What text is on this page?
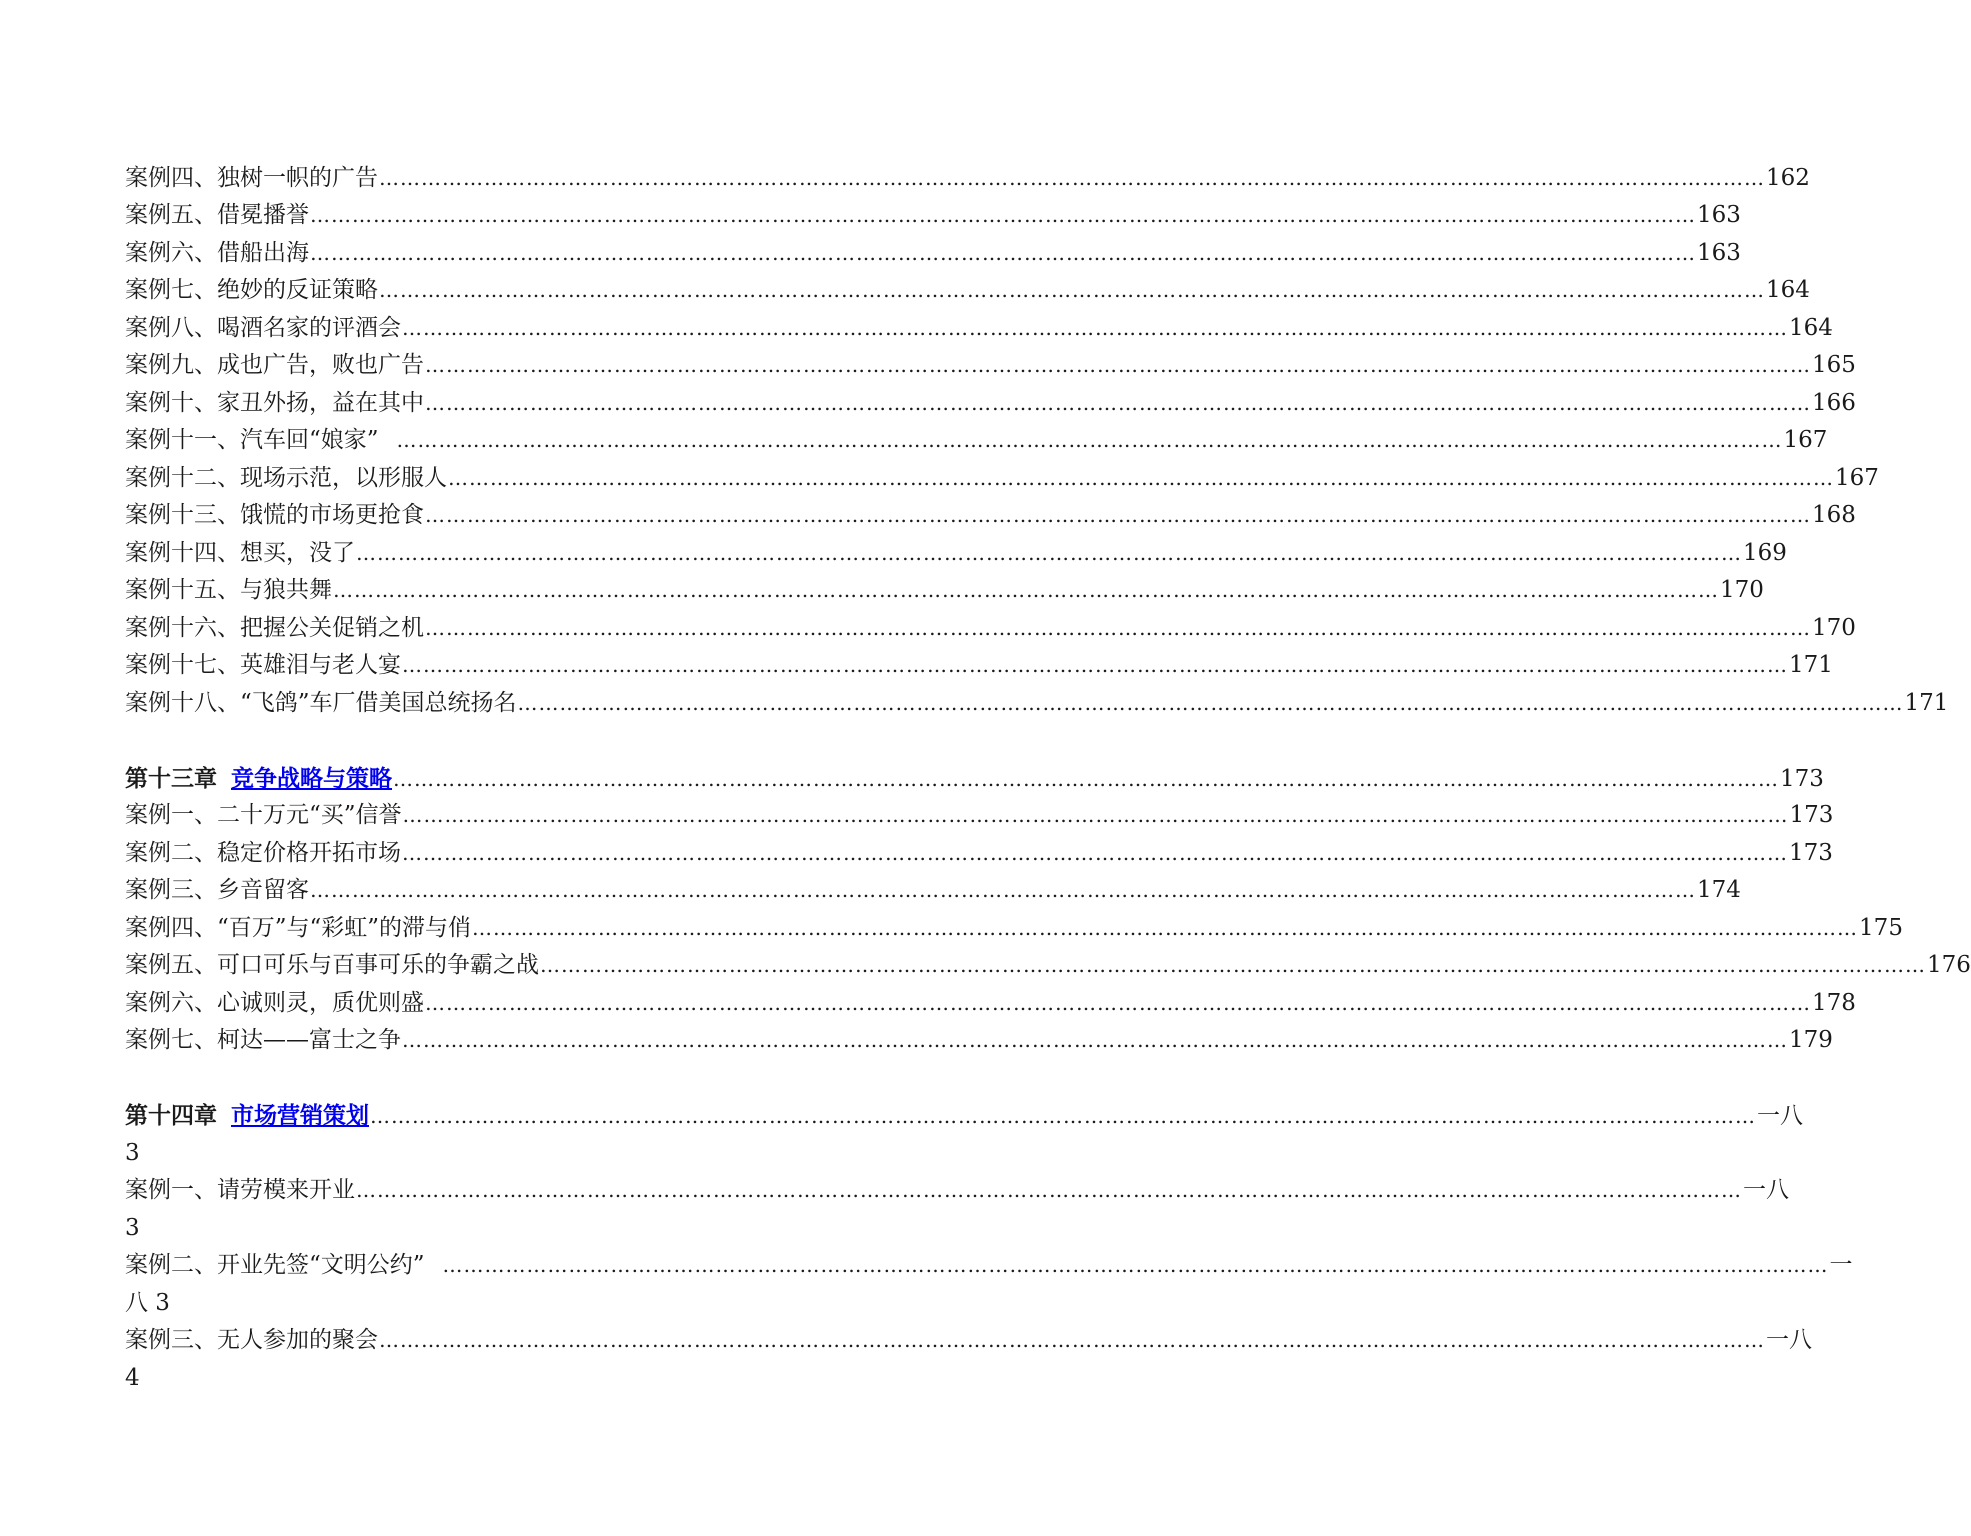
案例四、独树一帜的广告 ……………………………………………………………………………………………………………………………………………………………………………… 162
案例五、借冕播誉 ……………………………………………………………………………………………………………………………………………………………………………… 163
案例六、借船出海 ……………………………………………………………………………………………………………………………………………………………………………… 163
案例七、绝妙的反证策略 ……………………………………………………………………………………………………………………………………………………………………………… 164
案例八、喝酒名家的评酒会 ……………………………………………………………………………………………………………………………………………………………………………… 164
案例九、成也广告，败也广告 ……………………………………………………………………………………………………………………………………………………………………………… 165
案例十、家丑外扬，益在其中 ……………………………………………………………………………………………………………………………………………………………………………… 166
案例十一、汽车回“娘家” ……………………………………………………………………………………………………………………………………………………………………………… 167
案例十二、现场示范，以形服人 ……………………………………………………………………………………………………………………………………………………………………………… 167
案例十三、饿慌的市场更抢食 ……………………………………………………………………………………………………………………………………………………………………………… 168
案例十四、想买，没了 ……………………………………………………………………………………………………………………………………………………………………………… 169
案例十五、与狼共舞 ……………………………………………………………………………………………………………………………………………………………………………… 170
案例十六、把握公关促销之机 ……………………………………………………………………………………………………………………………………………………………………………… 170
案例十七、英雄泪与老人宴 ……………………………………………………………………………………………………………………………………………………………………………… 171
案例十八、“飞鸽”车厂借美国总统扬名 ……………………………………………………………………………………………………………………………………………………………………………… 171
第十三章 竞争战略与策略 ……………………………………………………………………………………………………………………………………………………………………………… 173
案例一、二十万元“买”信誉 ……………………………………………………………………………………………………………………………………………………………………………… 173
案例二、稳定价格开拓市场 ……………………………………………………………………………………………………………………………………………………………………………… 173
案例三、乡音留客 ……………………………………………………………………………………………………………………………………………………………………………… 174
案例四、“百万”与“彩虹”的滞与俏 ……………………………………………………………………………………………………………………………………………………………………………… 175
案例五、可口可乐与百事可乐的争霸之战 ……………………………………………………………………………………………………………………………………………………………………………… 176
案例六、心诚则灵，质优则盛 ……………………………………………………………………………………………………………………………………………………………………………… 178
案例七、柯达——富士之争 ……………………………………………………………………………………………………………………………………………………………………………… 179
第十四章 市场营销策划 ……………………………………………………………………………………………………………………………………………………………………………… 一八
3
案例一、请劳模来开业 ……………………………………………………………………………………………………………………………………………………………………………… 一八
3
案例二、开业先签“文明公约” ……………………………………………………………………………………………………………………………………………………………………………… 一
八 3
案例三、无人参加的聚会 ……………………………………………………………………………………………………………………………………………………………………………… 一八
4
